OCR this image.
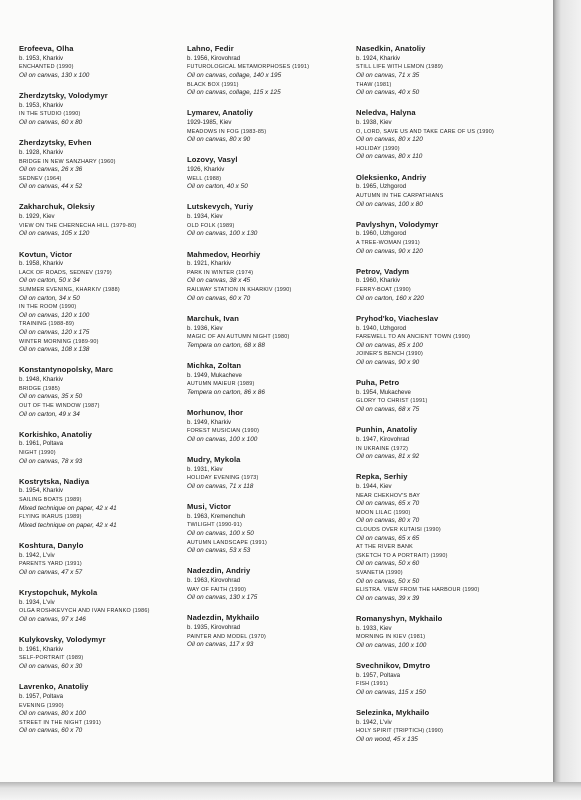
Erofeeva, Olha
b. 1953, Kharkiv
ENCHANTED (1990)
Oil on canvas, 130 x 100
Zherdzytsky, Volodymyr
b. 1953, Kharkiv
IN THE STUDIO (1990)
Oil on canvas, 60 x 80
Zherdzytsky, Evhen
b. 1928, Kharkiv
BRIDGE IN NEW SANZHARY (1960)
Oil on canvas, 26 x 36
SEDNEV (1964)
Oil on canvas, 44 x 52
Zakharchuk, Oleksiy
b. 1929, Kiev
VIEW ON THE CHERNECHA HILL (1979-80)
Oil on canvas, 105 x 120
Kovtun, Victor
b. 1958, Kharkiv
LACK OF ROADS, SEDNEV (1979)
Oil on carton, 50 x 34
SUMMER EVENING, KHARKIV (1988)
Oil on carton, 34 x 50
IN THE ROOM (1990)
Oil on canvas, 120 x 100
TRAINING (1988-89)
Oil on canvas, 120 x 175
WINTER MORNING (1989-90)
Oil on canvas, 108 x 138
Konstantynopolsky, Marc
b. 1948, Kharkiv
BRIDGE (1985)
Oil on canvas, 35 x 50
OUT OF THE WINDOW (1987)
Oil on carton, 49 x 34
Korkishko, Anatoliy
b. 1961, Poltava
NIGHT (1990)
Oil on canvas, 78 x 93
Kostrytska, Nadiya
b. 1954, Kharkiv
SAILING BOATS (1989)
Mixed technique on paper, 42 x 41
FLYING IKARUS (1989)
Mixed technique on paper, 42 x 41
Koshtura, Danylo
b. 1942, L'viv
PARENTS YARD (1991)
Oil on canvas, 47 x 57
Krystopchuk, Mykola
b. 1934, L'viv
OLGA ROSHKEVYCH AND IVAN FRANKO (1986)
Oil on canvas, 97 x 146
Kulykovsky, Volodymyr
b. 1961, Kharkiv
SELF-PORTRAIT (1989)
Oil on canvas, 60 x 30
Lavrenko, Anatoliy
b. 1957, Poltava
EVENING (1990)
Oil on canvas, 80 x 100
STREET IN THE NIGHT (1991)
Oil on canvas, 60 x 70
Lahno, Fedir
b. 1956, Kirovohrad
FUTUROLOGICAL METAMORPHOSES (1991)
Oil on canvas, collage, 140 x 195
BLACK BOX (1991)
Oil on canvas, collage, 115 x 125
Lymarev, Anatoliy
1929-1985, Kiev
MEADOWS IN FOG (1983-85)
Oil on canvas, 80 x 90
Lozovy, Vasyl
1926, Kharkiv
WELL (1988)
Oil on carton, 40 x 50
Lutskevych, Yuriy
b. 1934, Kiev
OLD FOLK (1989)
Oil on canvas, 100 x 130
Mahmedov, Heorhiy
b. 1921, Kharkiv
PARK IN WINTER (1974)
Oil on canvas, 38 x 45
RAILWAY STATION IN KHARKIV (1990)
Oil on canvas, 60 x 70
Marchuk, Ivan
b. 1936, Kiev
MAGIC OF AN AUTUMN NIGHT (1980)
Tempera on carton, 68 x 88
Michka, Zoltan
b. 1949, Mukacheve
AUTUMN MAIEUR (1989)
Tempera on carton, 86 x 86
Morhunov, Ihor
b. 1949, Kharkiv
FOREST MUSICIAN (1990)
Oil on canvas, 100 x 100
Mudry, Mykola
b. 1931, Kiev
HOLIDAY EVENING (1973)
Oil on canvas, 71 x 118
Musi, Victor
b. 1963, Kremenchuh
TWILIGHT (1990-91)
Oil on canvas, 100 x 50
AUTUMN LANDSCAPE (1991)
Oil on canvas, 53 x 53
Nadezdin, Andriy
b. 1963, Kirovohrad
WAY OF FAITH (1990)
Oil on canvas, 130 x 175
Nadezdin, Mykhailo
b. 1935, Kirovohrad
PAINTER AND MODEL (1970)
Oil on canvas, 117 x 93
Nasedkin, Anatoliy
b. 1924, Kharkiv
STILL LIFE WITH LEMON (1989)
Oil on canvas, 71 x 35
THAW (1981)
Oil on canvas, 40 x 50
Neledva, Halyna
b. 1938, Kiev
O, LORD, SAVE US AND TAKE CARE OF US (1990)
Oil on canvas, 80 x 120
HOLIDAY (1990)
Oil on canvas, 80 x 110
Oleksienko, Andriy
b. 1965, Uzhgorod
AUTUMN IN THE CARPATHIANS
Oil on canvas, 100 x 80
Pavlyshyn, Volodymyr
b. 1960, Uzhgorod
A TREE-WOMAN (1991)
Oil on canvas, 90 x 120
Petrov, Vadym
b. 1960, Kharkiv
FERRY-BOAT (1990)
Oil on carton, 160 x 220
Pryhod'ko, Viacheslav
b. 1940, Uzhgorod
FAREWELL TO AN ANCIENT TOWN (1990)
Oil on canvas, 85 x 100
JOINER'S BENCH (1990)
Oil on canvas, 90 x 90
Puha, Petro
b. 1954, Mukacheve
GLORY TO CHRIST (1991)
Oil on canvas, 68 x 75
Punhin, Anatoliy
b. 1947, Kirovohrad
IN UKRAINE (1972)
Oil on canvas, 81 x 92
Repka, Serhiy
b. 1944, Kiev
NEAR CHEKHOV'S BAY
Oil on canvas, 65 x 70
MOON LILAC (1990)
Oil on canvas, 80 x 70
CLOUDS OVER KUTAISI (1990)
Oil on canvas, 65 x 65
AT THE RIVER BANK
(SKETCH TO A PORTRAIT) (1990)
Oil on canvas, 50 x 60
SVANETIA (1990)
Oil on canvas, 50 x 50
ELISTRA. VIEW FROM THE HARBOUR (1990)
Oil on canvas, 39 x 39
Romanyshyn, Mykhailo
b. 1933, Kiev
MORNING IN KIEV (1981)
Oil on canvas, 100 x 100
Svechnikov, Dmytro
b. 1957, Poltava
FISH (1991)
Oil on canvas, 115 x 150
Selezinka, Mykhailo
b. 1942, L'viv
HOLY SPIRIT (TRIPTICH) (1990)
Oil on wood, 45 x 135
